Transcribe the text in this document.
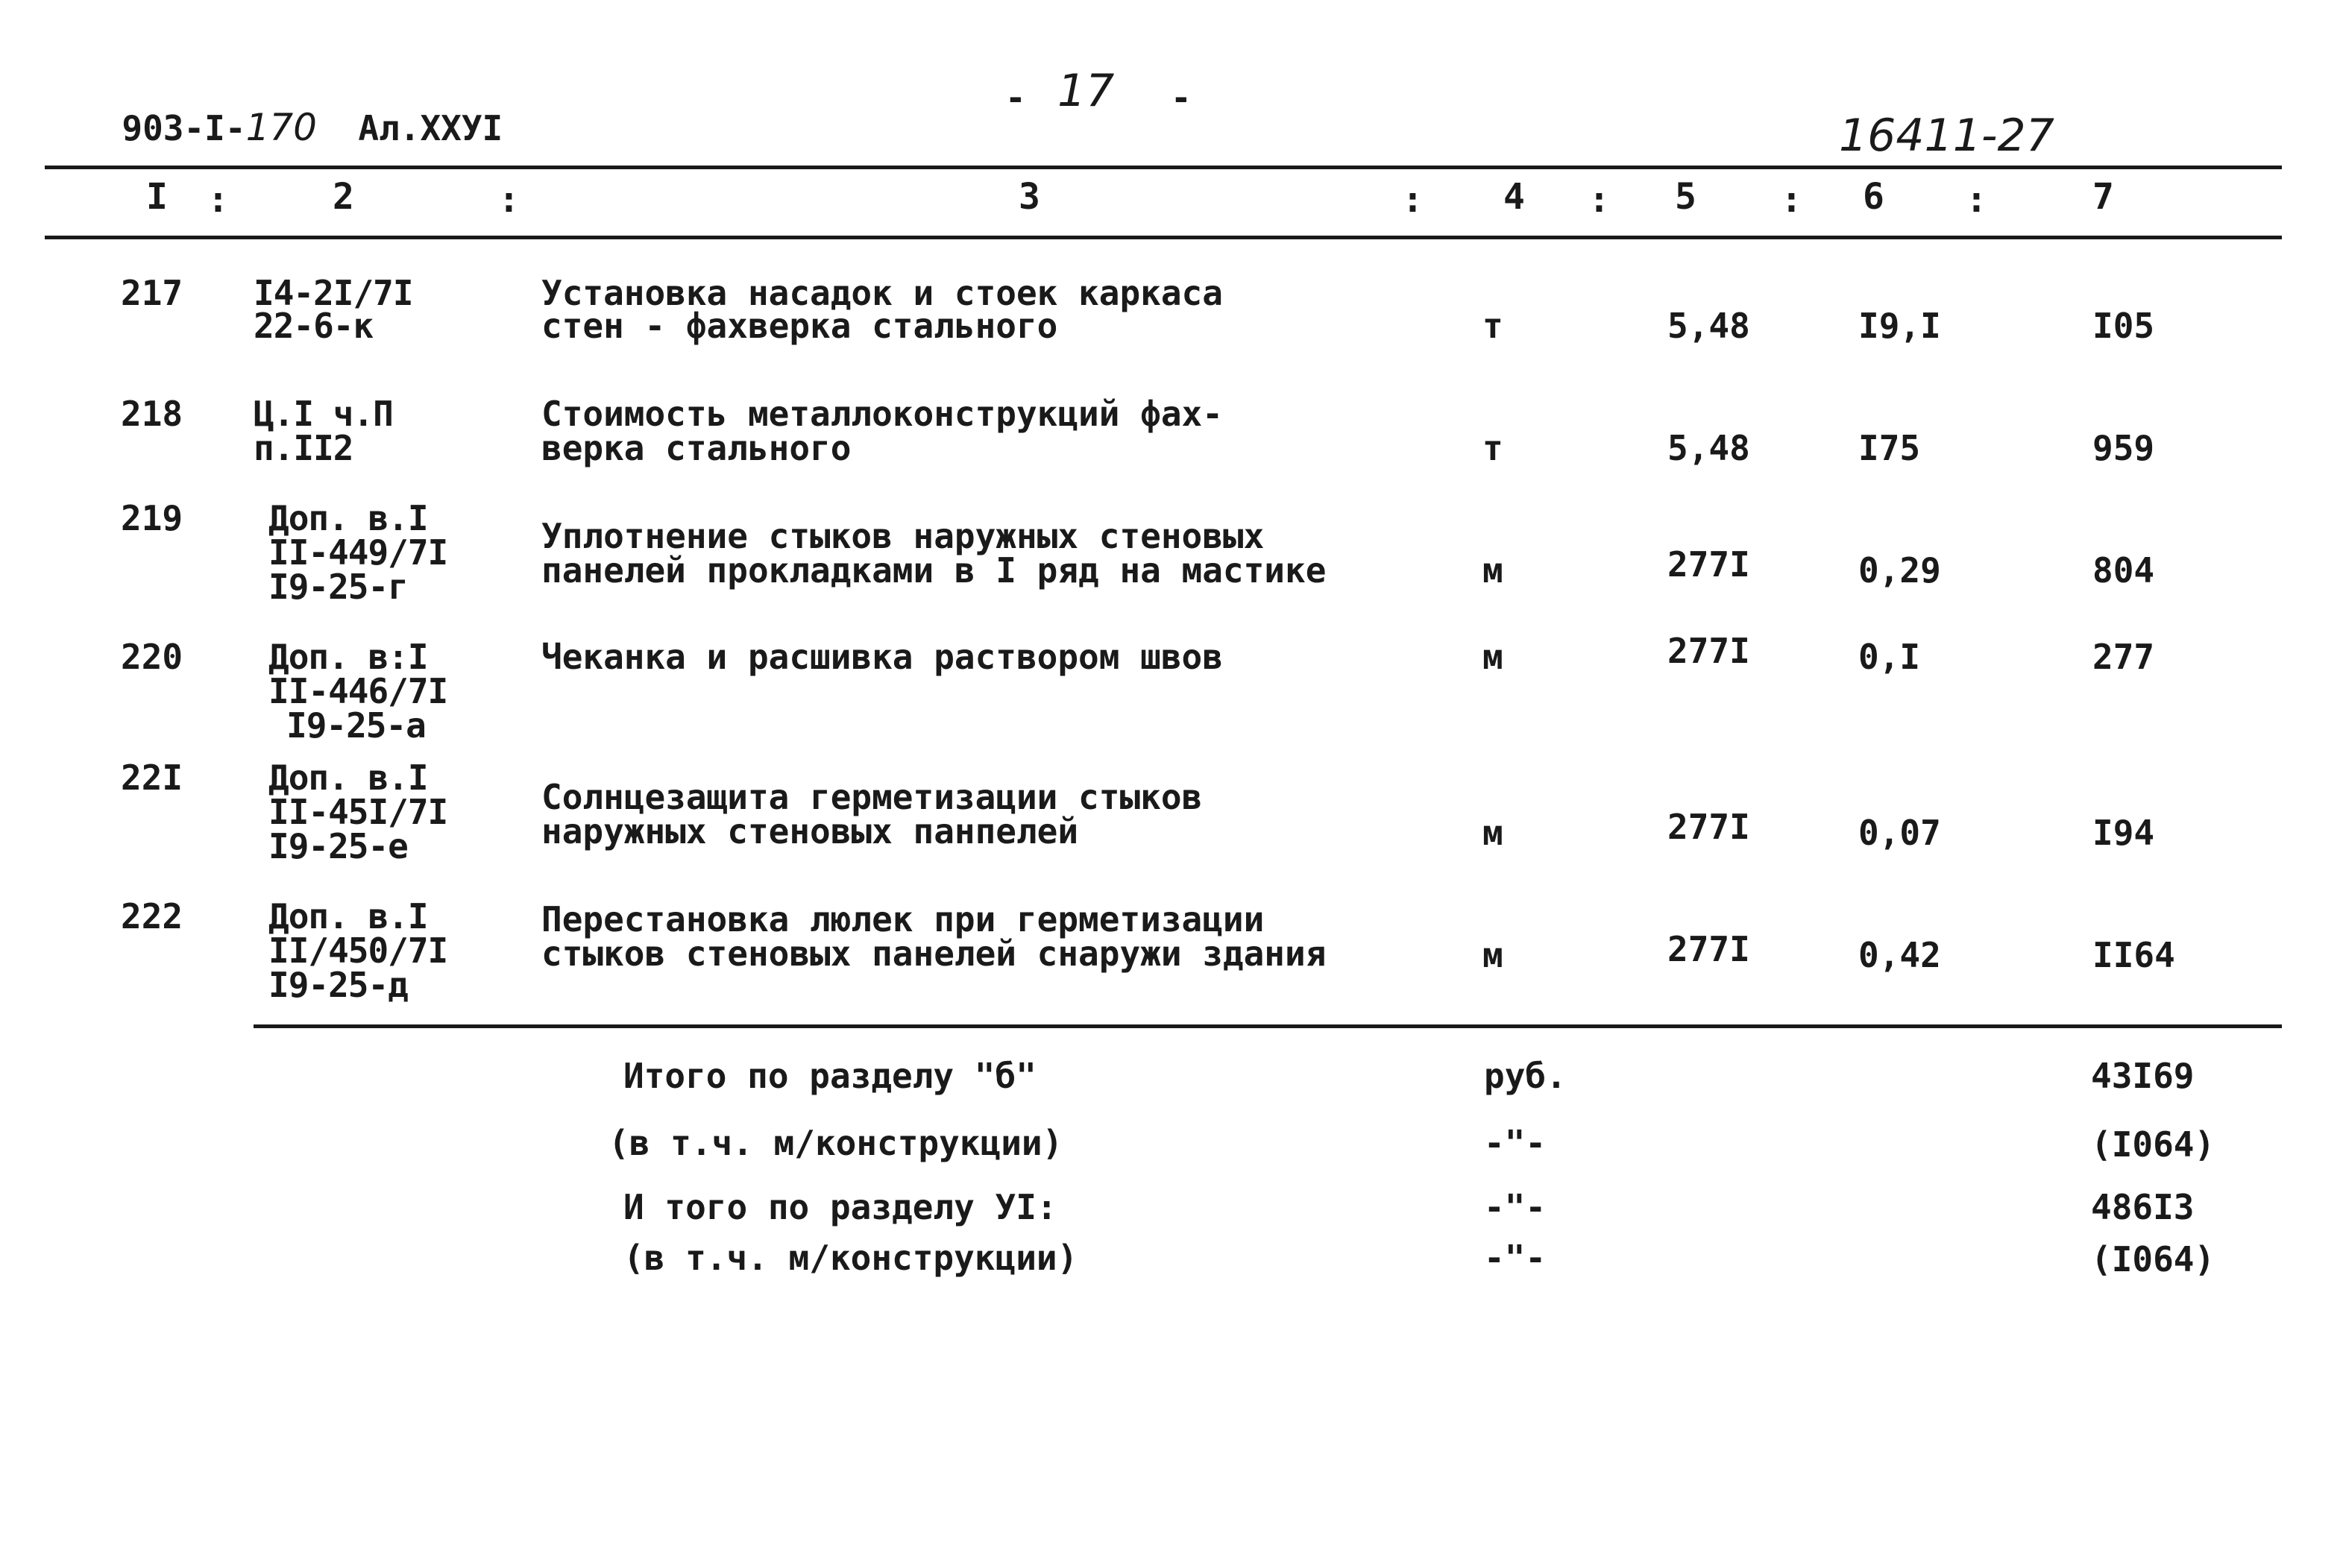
903-I-170 Ал.XXУI

- 17 -
16411-27
I	2	3	4	5	6	7
:	:	:	:	:	:
217 I4-2I/7I
22-6-к
Установка насадок и стоек каркаса
стен - фахверка стального	т	5,48	I9,I	I05
218 Ц.I ч.П
п.II2
Стоимость металлоконструкций фах-
верка стального	т	5,48	I75	959
219 Доп. в.I
II-449/7I
I9-25-г
Уплотнение стыков наружных стеновых
панелей прокладками в I ряд на мастике	м	277I	0,29	804
220 Доп. в:I
II-446/7I
I9-25-а
Чеканка и расшивка раствором швов	м	277I	0,I	277
22I Доп. в.I
II-45I/7I
I9-25-е
Солнцезащита герметизации стыков
наружных стеновых панпелей	м	277I	0,07	I94
222 Доп. в.I
II/450/7I
I9-25-д
Перестановка люлек при герметизации
стыков стеновых панелей снаружи здания	м	277I	0,42	II64
Итого по разделу "б"	руб.	43I69
(в т.ч. м/конструкции)	-"-	(I064)
И того по разделу УI:	-"-	486I3
(в т.ч. м/конструкции)	-"-	(I064)
